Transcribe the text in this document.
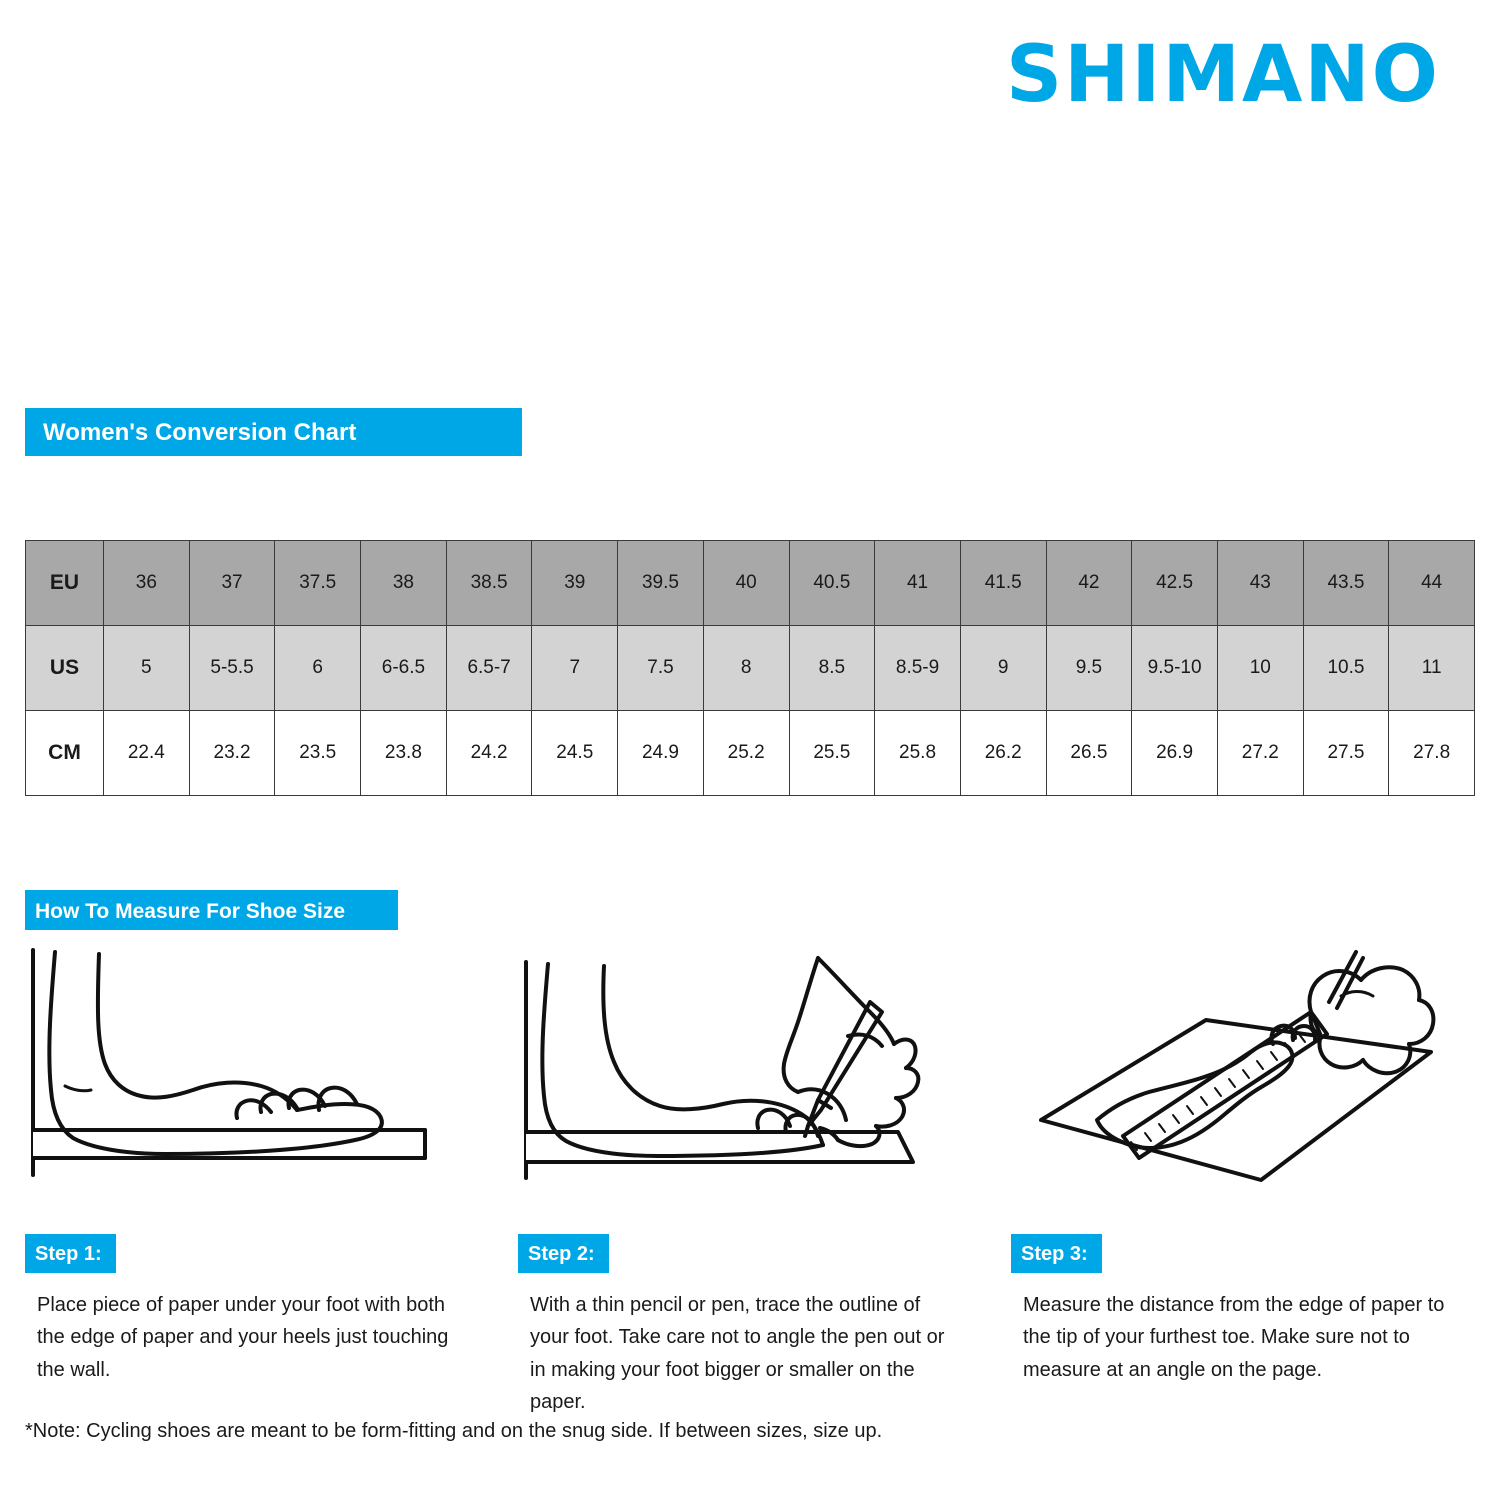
SHIMANO
Women's Conversion Chart
EU	36	37	37.5	38	38.5	39	39.5	40	40.5	41	41.5	42	42.5	43	43.5	44
US	5	5-5.5	6	6-6.5	6.5-7	7	7.5	8	8.5	8.5-9	9	9.5	9.5-10	10	10.5	11
CM	22.4	23.2	23.5	23.8	24.2	24.5	24.9	25.2	25.5	25.8	26.2	26.5	26.9	27.2	27.5	27.8
How To Measure For Shoe Size
Step 1:
Place piece of paper under your foot with both the edge of paper and your heels just touching the wall.
Step 2:
With a thin pencil or pen, trace the outline of your foot. Take care not to angle the pen out or in making your foot bigger or smaller on the paper.
Step 3:
Measure the distance from the edge of paper to the tip of your furthest toe. Make sure not to measure at an angle on the page.
*Note: Cycling shoes are meant to be form-fitting and on the snug side. If between sizes, size up.
